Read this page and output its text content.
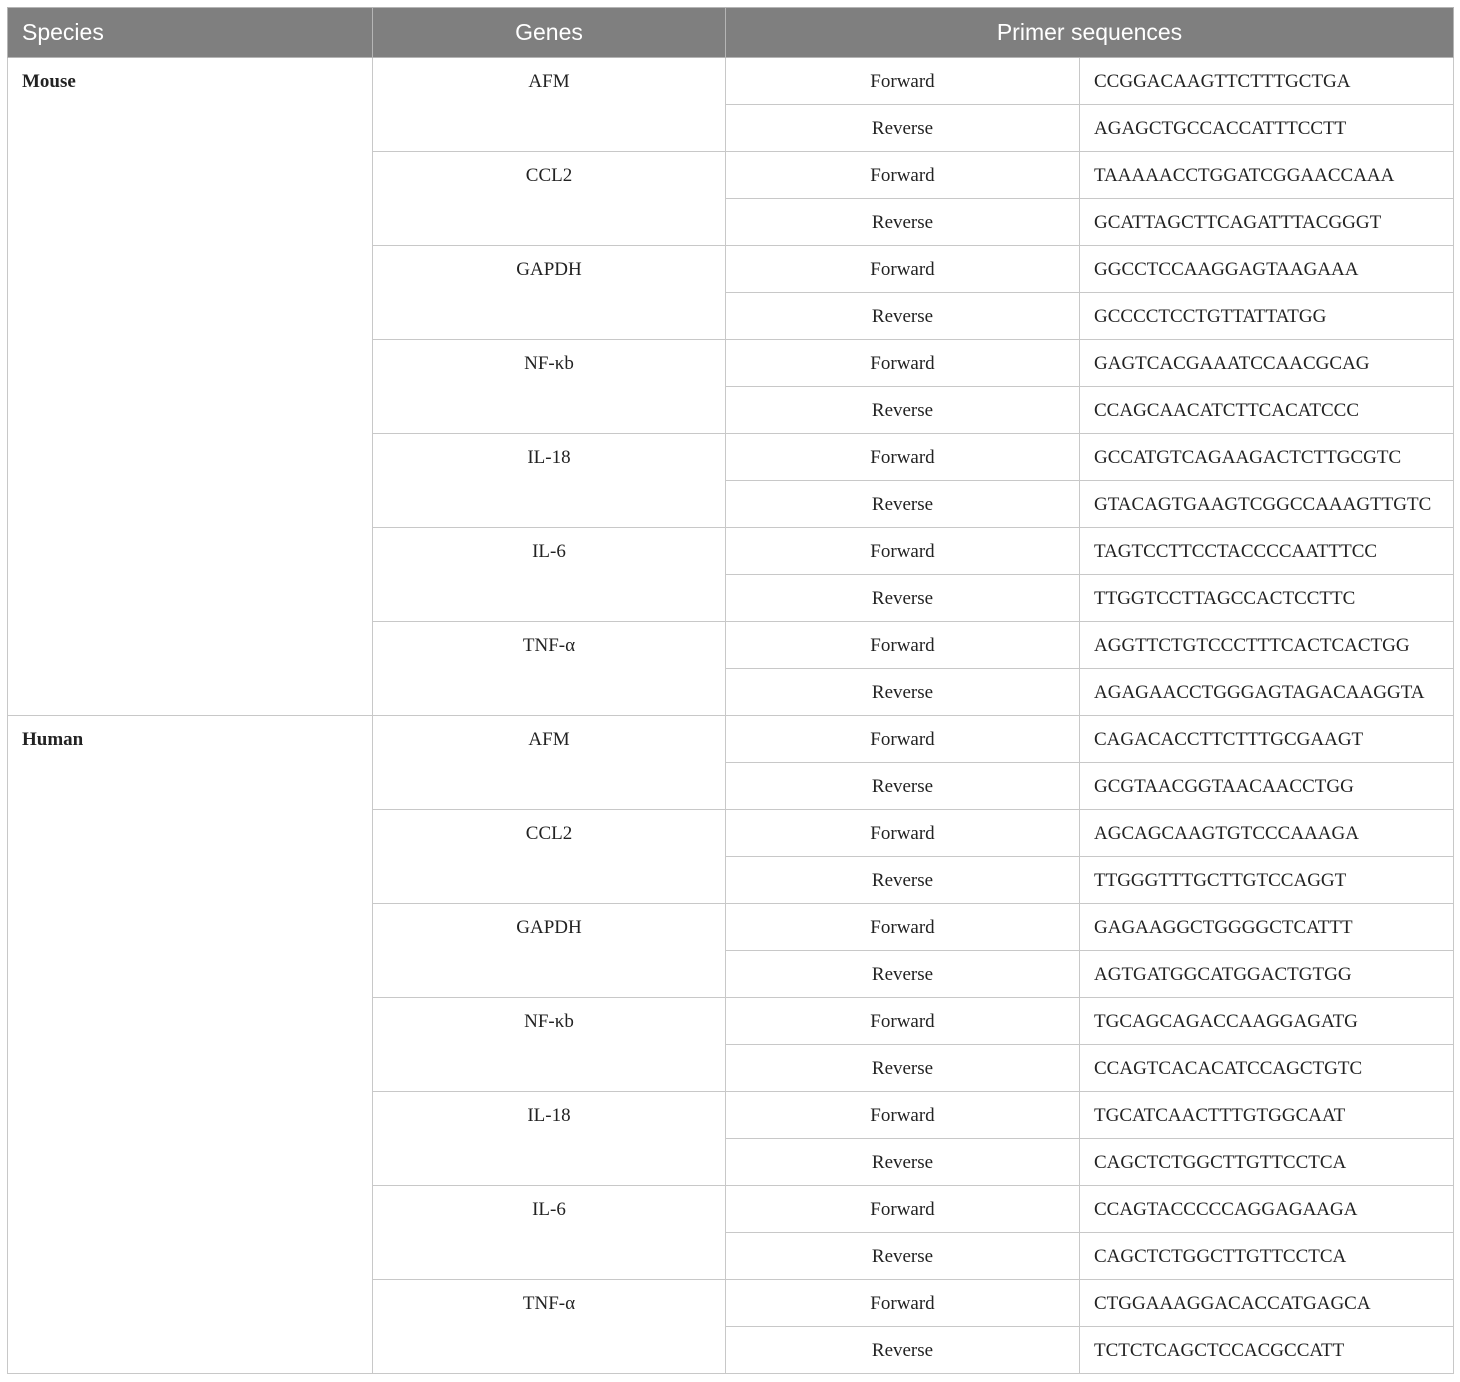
Species	Genes	Primer sequences	
Mouse	AFM	Forward	CCGGACAAGTTCTTTGCTGA
		Reverse	AGAGCTGCCACCATTTCCTT
	CCL2	Forward	TAAAAACCTGGATCGGAACCAAA
		Reverse	GCATTAGCTTCAGATTTACGGGT
	GAPDH	Forward	GGCCTCCAAGGAGTAAGAAA
		Reverse	GCCCCTCCTGTTATTATGG
	NF-κb	Forward	GAGTCACGAAATCCAACGCAG
		Reverse	CCAGCAACATCTTCACATCCC
	IL-18	Forward	GCCATGTCAGAAGACTCTTGCGTC
		Reverse	GTACAGTGAAGTCGGCCAAAGTTGTC
	IL-6	Forward	TAGTCCTTCCTACCCCAATTTCC
		Reverse	TTGGTCCTTAGCCACTCCTTC
	TNF-α	Forward	AGGTTCTGTCCCTTTCACTCACTGG
		Reverse	AGAGAACCTGGGAGTAGACAAGGTA
Human	AFM	Forward	CAGACACCTTCTTTGCGAAGT
		Reverse	GCGTAACGGTAACAACCTGG
	CCL2	Forward	AGCAGCAAGTGTCCCAAAGA
		Reverse	TTGGGTTTGCTTGTCCAGGT
	GAPDH	Forward	GAGAAGGCTGGGGCTCATTT
		Reverse	AGTGATGGCATGGACTGTGG
	NF-κb	Forward	TGCAGCAGACCAAGGAGATG
		Reverse	CCAGTCACACATCCAGCTGTC
	IL-18	Forward	TGCATCAACTTTGTGGCAAT
		Reverse	CAGCTCTGGCTTGTTCCTCA
	IL-6	Forward	CCAGTACCCCCAGGAGAAGA
		Reverse	CAGCTCTGGCTTGTTCCTCA
	TNF-α	Forward	CTGGAAAGGACACCATGAGCA
		Reverse	TCTCTCAGCTCCACGCCATT
